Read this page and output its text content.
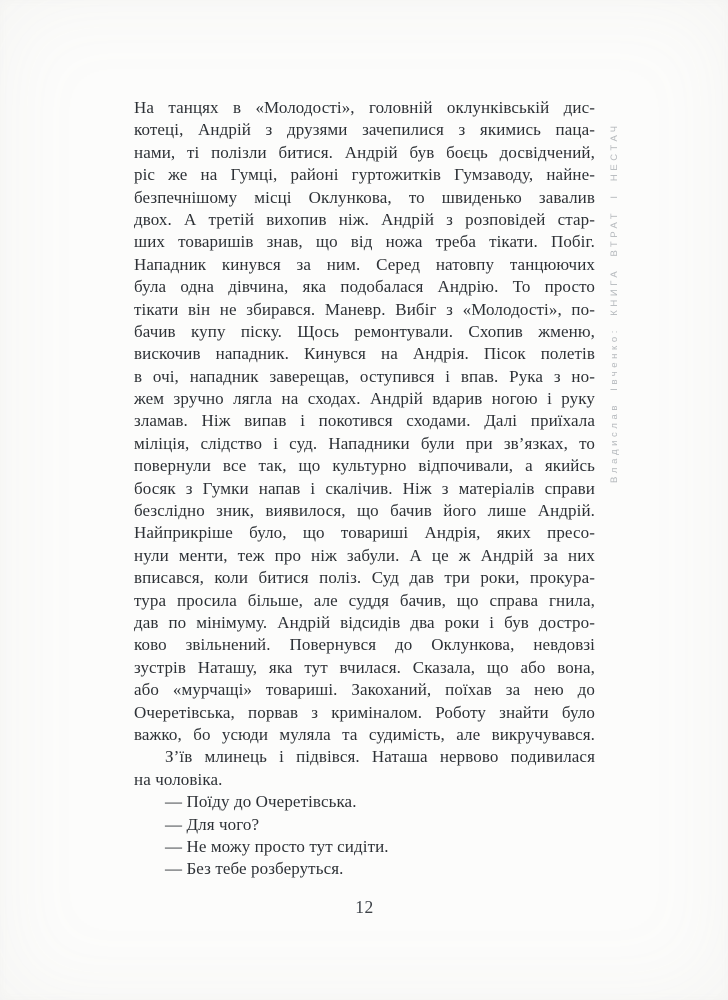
На танцях в «Молодості», головній оклунківській дис-
котеці, Андрій з друзями зачепилися з якимись паца-
нами, ті полізли битися. Андрій був боєць досвідчений,
ріс же на Гумці, районі гуртожитків Гумзаводу, найне-
безпечнішому місці Оклункова, то швиденько завалив
двох. А третій вихопив ніж. Андрій з розповідей стар-
ших товаришів знав, що від ножа треба тікати. Побіг.
Нападник кинувся за ним. Серед натовпу танцюючих
була одна дівчина, яка подобалася Андрію. То просто
тікати він не збирався. Маневр. Вибіг з «Молодості», по-
бачив купу піску. Щось ремонтували. Схопив жменю,
вискочив нападник. Кинувся на Андрія. Пісок полетів
в очі, нападник заверещав, оступився і впав. Рука з но-
жем зручно лягла на сходах. Андрій вдарив ногою і руку
зламав. Ніж випав і покотився сходами. Далі приїхала
міліція, слідство і суд. Нападники були при зв’язках, то
повернули все так, що культурно відпочивали, а якийсь
босяк з Гумки напав і скалічив. Ніж з матеріалів справи
безслідно зник, виявилося, що бачив його лише Андрій.
Найприкріше було, що товариші Андрія, яких пресо-
нули менти, теж про ніж забули. А це ж Андрій за них
вписався, коли битися поліз. Суд дав три роки, прокура-
тура просила більше, але суддя бачив, що справа гнила,
дав по мінімуму. Андрій відсидів два роки і був достро-
ково звільнений. Повернувся до Оклункова, невдовзі
зустрів Наташу, яка тут вчилася. Сказала, що або вона,
або «мурчащі» товариші. Закоханий, поїхав за нею до
Очеретівська, порвав з криміналом. Роботу знайти було
важко, бо усюди муляла та судимість, але викручувався.
З’їв млинець і підвівся. Наташа нервово подивилася
на чоловіка.
— Поїду до Очеретівська.
— Для чого?
— Не можу просто тут сидіти.
— Без тебе розберуться.
Владислав Івченко: КНИГА ВТРАТ І НЕСТАЧ
12
